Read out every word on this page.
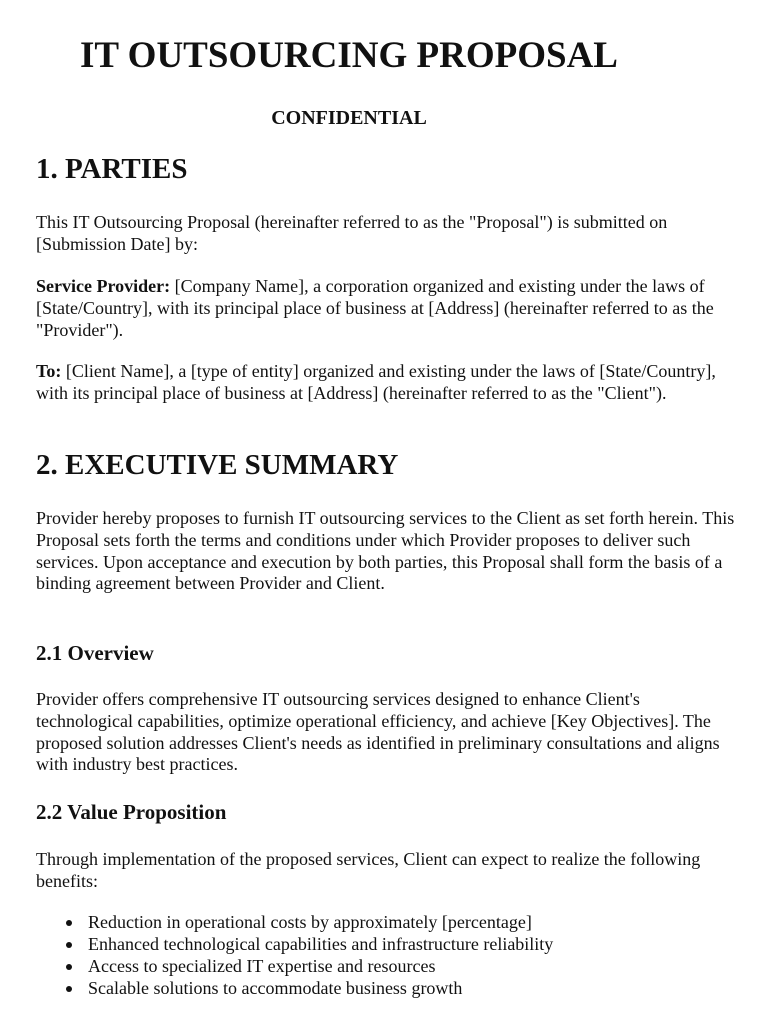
IT OUTSOURCING PROPOSAL
CONFIDENTIAL
1. PARTIES

This IT Outsourcing Proposal (hereinafter referred to as the "Proposal") is submitted on [Submission Date] by:

Service Provider: [Company Name], a corporation organized and existing under the laws of [State/Country], with its principal place of business at [Address] (hereinafter referred to as the "Provider").

To: [Client Name], a [type of entity] organized and existing under the laws of [State/Country], with its principal place of business at [Address] (hereinafter referred to as the "Client").

2. EXECUTIVE SUMMARY

Provider hereby proposes to furnish IT outsourcing services to the Client as set forth herein. This Proposal sets forth the terms and conditions under which Provider proposes to deliver such services. Upon acceptance and execution by both parties, this Proposal shall form the basis of a binding agreement between Provider and Client.

2.1 Overview

Provider offers comprehensive IT outsourcing services designed to enhance Client's technological capabilities, optimize operational efficiency, and achieve [Key Objectives]. The proposed solution addresses Client's needs as identified in preliminary consultations and aligns with industry best practices.

2.2 Value Proposition

Through implementation of the proposed services, Client can expect to realize the following benefits:

Reduction in operational costs by approximately [percentage]
Enhanced technological capabilities and infrastructure reliability
Access to specialized IT expertise and resources
Scalable solutions to accommodate business growth
